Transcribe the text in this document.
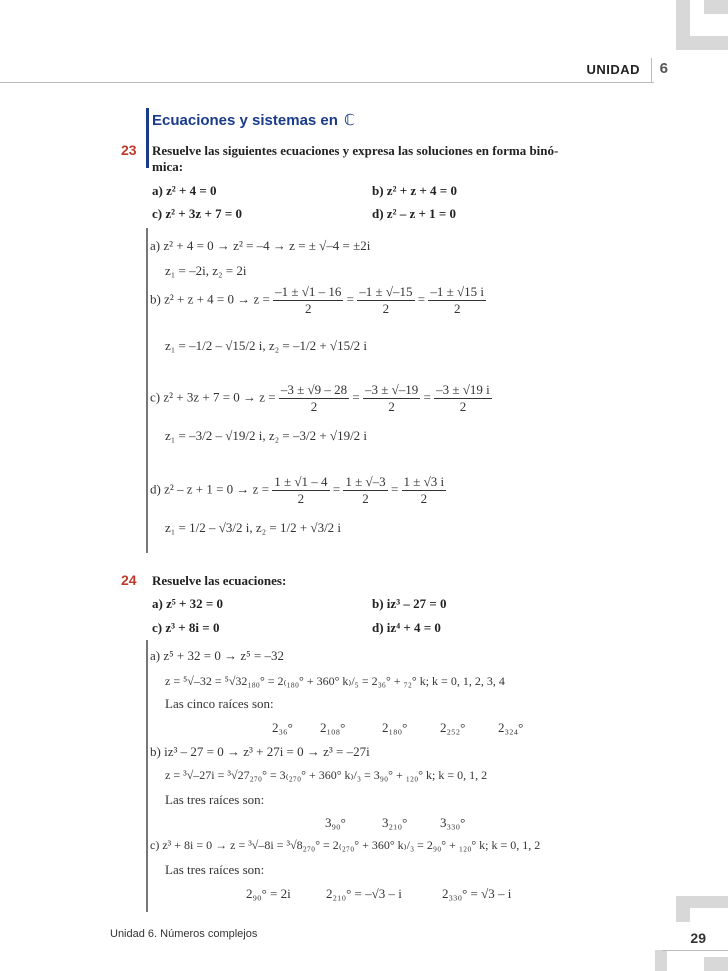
UNIDAD 6
Ecuaciones y sistemas en ℂ
23 Resuelve las siguientes ecuaciones y expresa las soluciones en forma binó-
mica:
a) z² + 4 = 0	b) z² + z + 4 = 0
c) z² + 3z + 7 = 0	d) z² – z + 1 = 0
a) z² + 4 = 0 → z² = –4 → z = ± √–4 = ±2i
z₁ = –2i, z₂ = 2i
b) $z^2 + z + 4 = 0 \to z = \frac{-1 \pm √1 - 16}{2} = \frac{-1 \pm √-15}{2} = \frac{-1 \pm √15 i}{2}$
z₁ = –1/2 – √15/2 i, z₂ = –1/2 + √15/2 i
c) $z^2 + 3z + 7 = 0 \to z = \frac{-3 \pm √9 - 28}{2} = \frac{-3 \pm √-19}{2} = \frac{-3 \pm √19 i}{2}$
z₁ = –3/2 – √19/2 i, z₂ = –3/2 + √19/2 i
d) $z^2 - z + 1 = 0 \to z = \frac{1 \pm √1 - 4}{2} = \frac{1 \pm √-3}{2} = \frac{1 \pm √3 i}{2}$
z₁ = 1/2 – √3/2 i, z₂ = 1/2 + √3/2 i
24 Resuelve las ecuaciones:
a) z⁵ + 32 = 0	b) iz³ – 27 = 0
c) z³ + 8i = 0	d) iz⁴ + 4 = 0
a) z⁵ + 32 = 0 → z⁵ = –32
z = ⁵√–32 = ⁵√32₁₈₀° = 2₍₁₈₀° + 360° k₎/₅ = 2₃₆° + ₇₂° k; k = 0, 1, 2, 3, 4
Las cinco raíces son:
2₃₆° 2₁₀₈°	2₁₈₀°	2₂₅₂°	2₃₂₄°
b) iz³ – 27 = 0 → z³ + 27i = 0 → z³ = –27i
z = ³√–27i = ³√27₂₇₀° = 3₍₂₇₀° + 360° k₎/₃ = 3₉₀° + ₁₂₀° k; k = 0, 1, 2
Las tres raíces son:
3₉₀°	3₂₁₀°	3₃₃₀°
c) z³ + 8i = 0 → z = ³√–8i = ³√8₂₇₀° = 2₍₂₇₀° + 360° k₎/₃ = 2₉₀° + ₁₂₀° k; k = 0, 1, 2
Las tres raíces son:
2₉₀° = 2i	2₂₁₀° = –√3 – i	2₃₃₀° = √3 – i
Unidad 6. Números complejos	29
